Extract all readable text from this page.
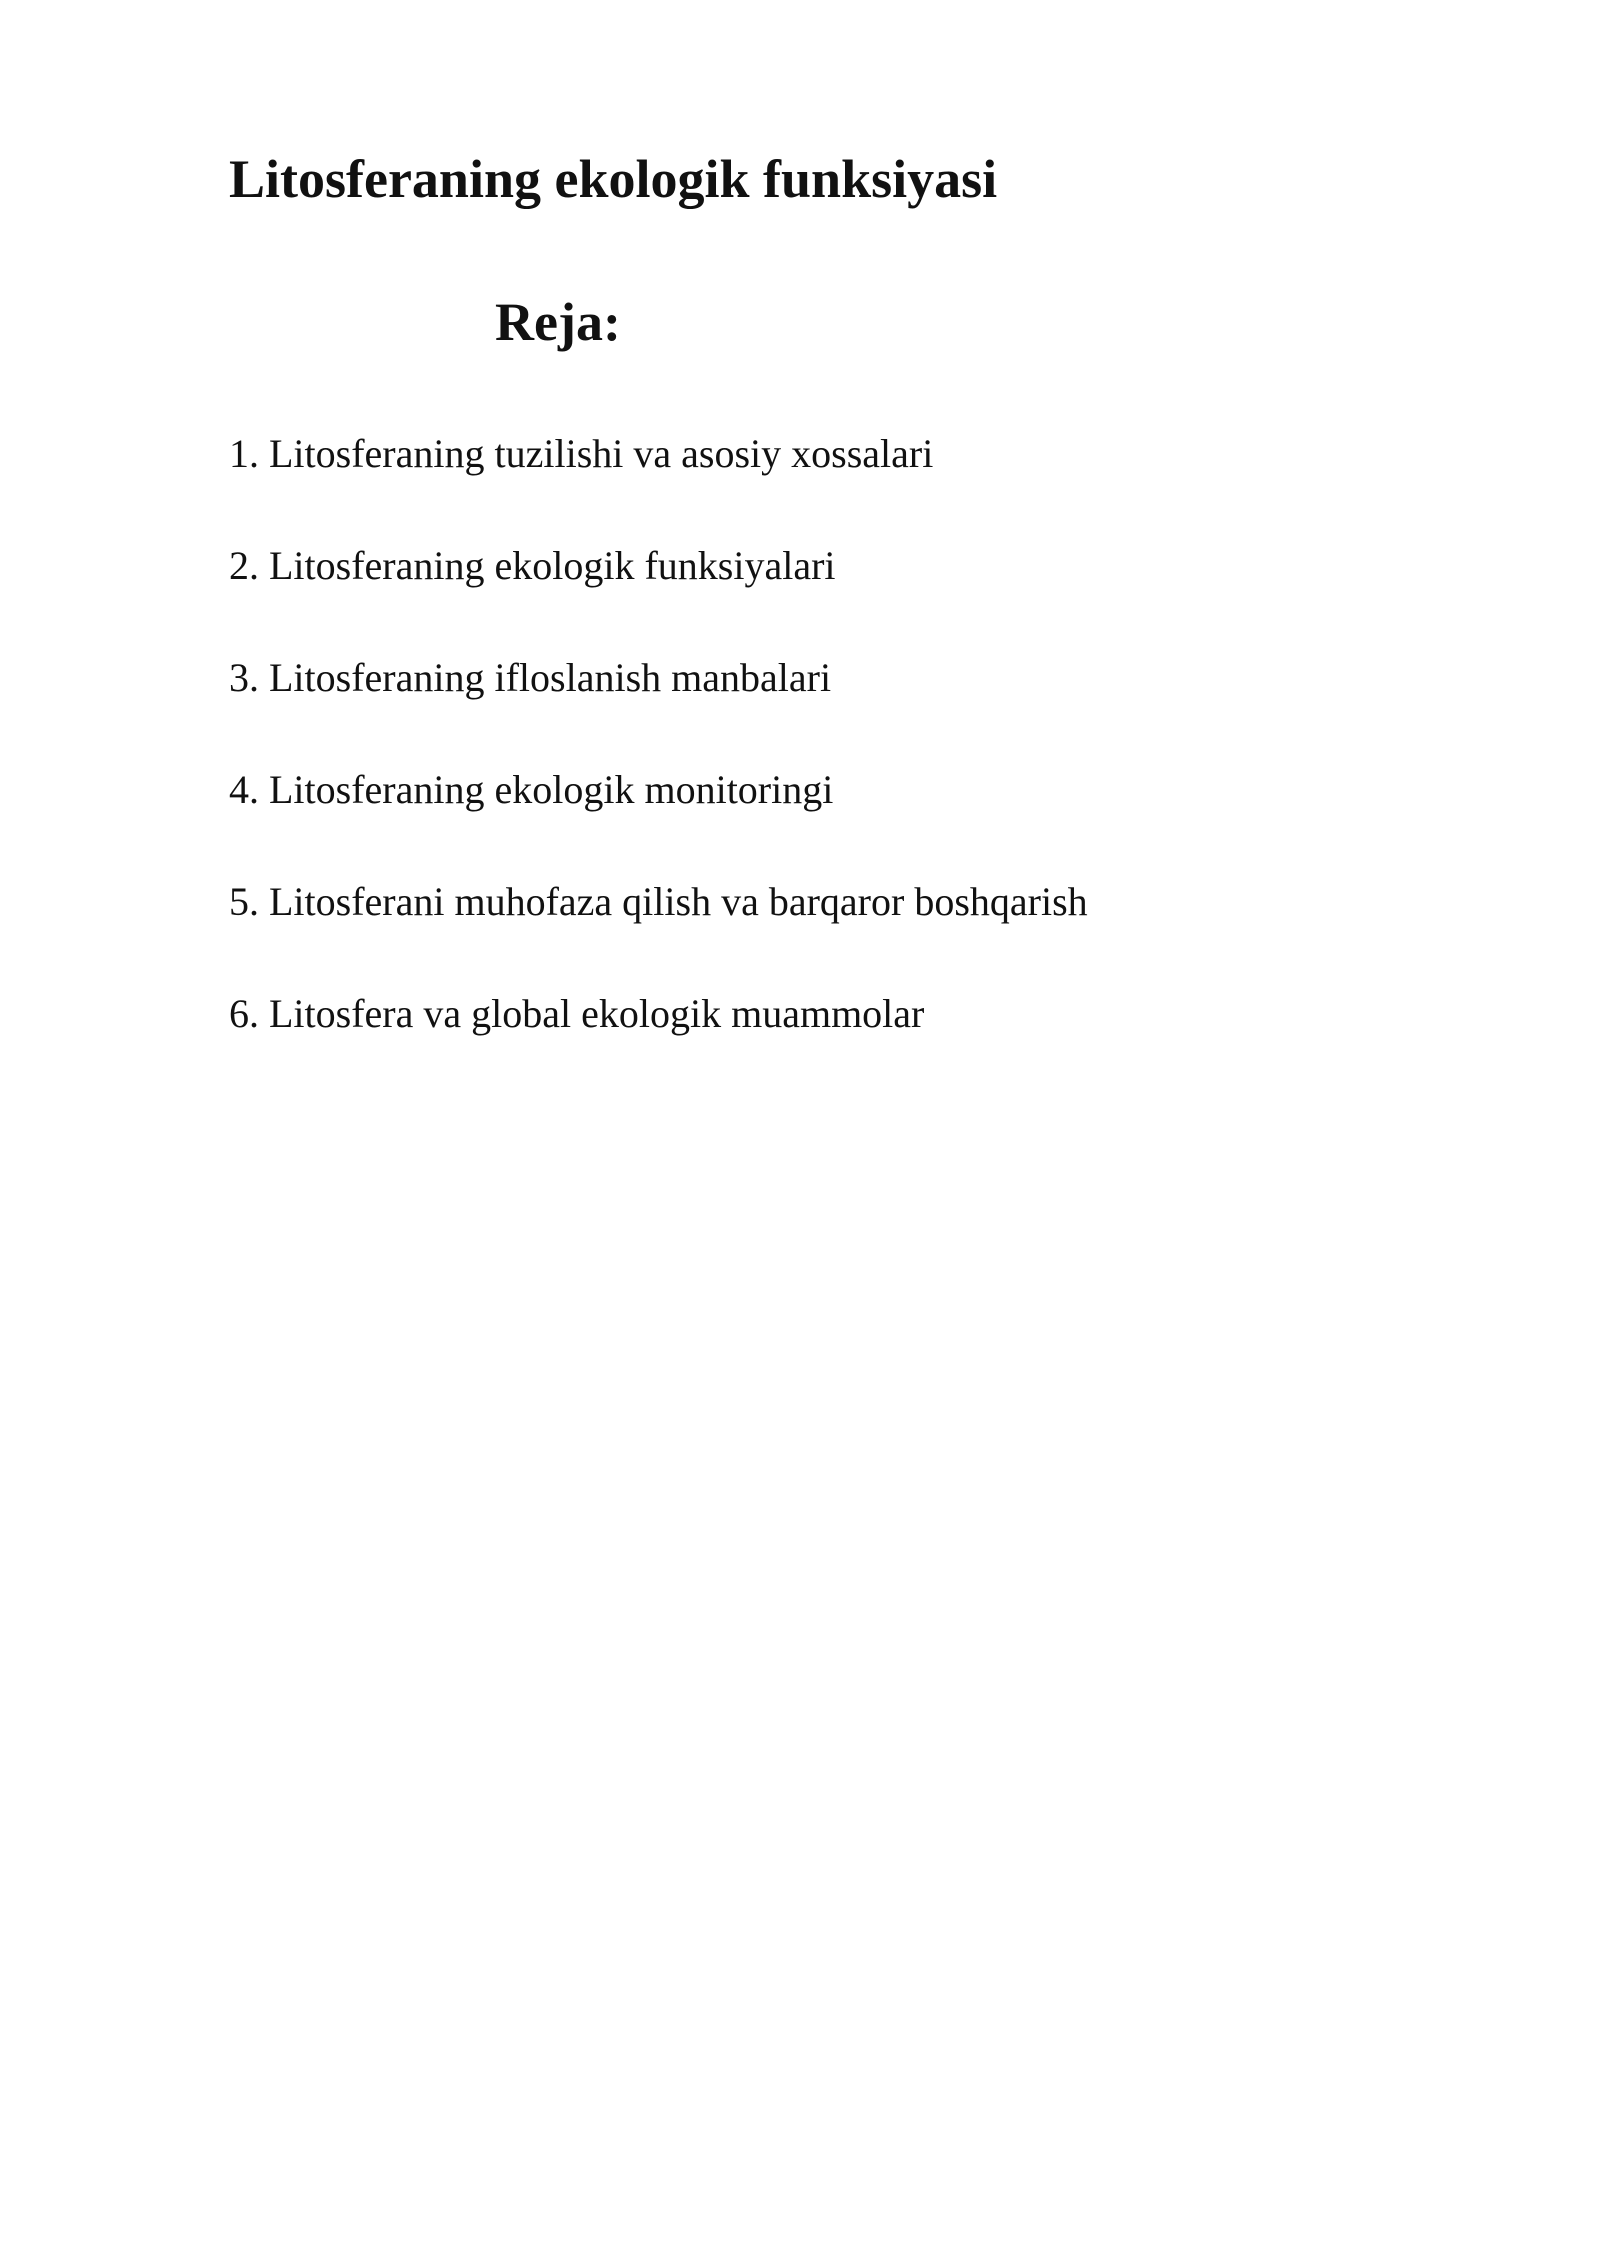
Litosferaning ekologik funksiyasi
Reja:
1. Litosferaning tuzilishi va asosiy xossalari
2. Litosferaning ekologik funksiyalari
3. Litosferaning ifloslanish manbalari
4. Litosferaning ekologik monitoringi
5. Litosferani muhofaza qilish va barqaror boshqarish
6. Litosfera va global ekologik muammolar
